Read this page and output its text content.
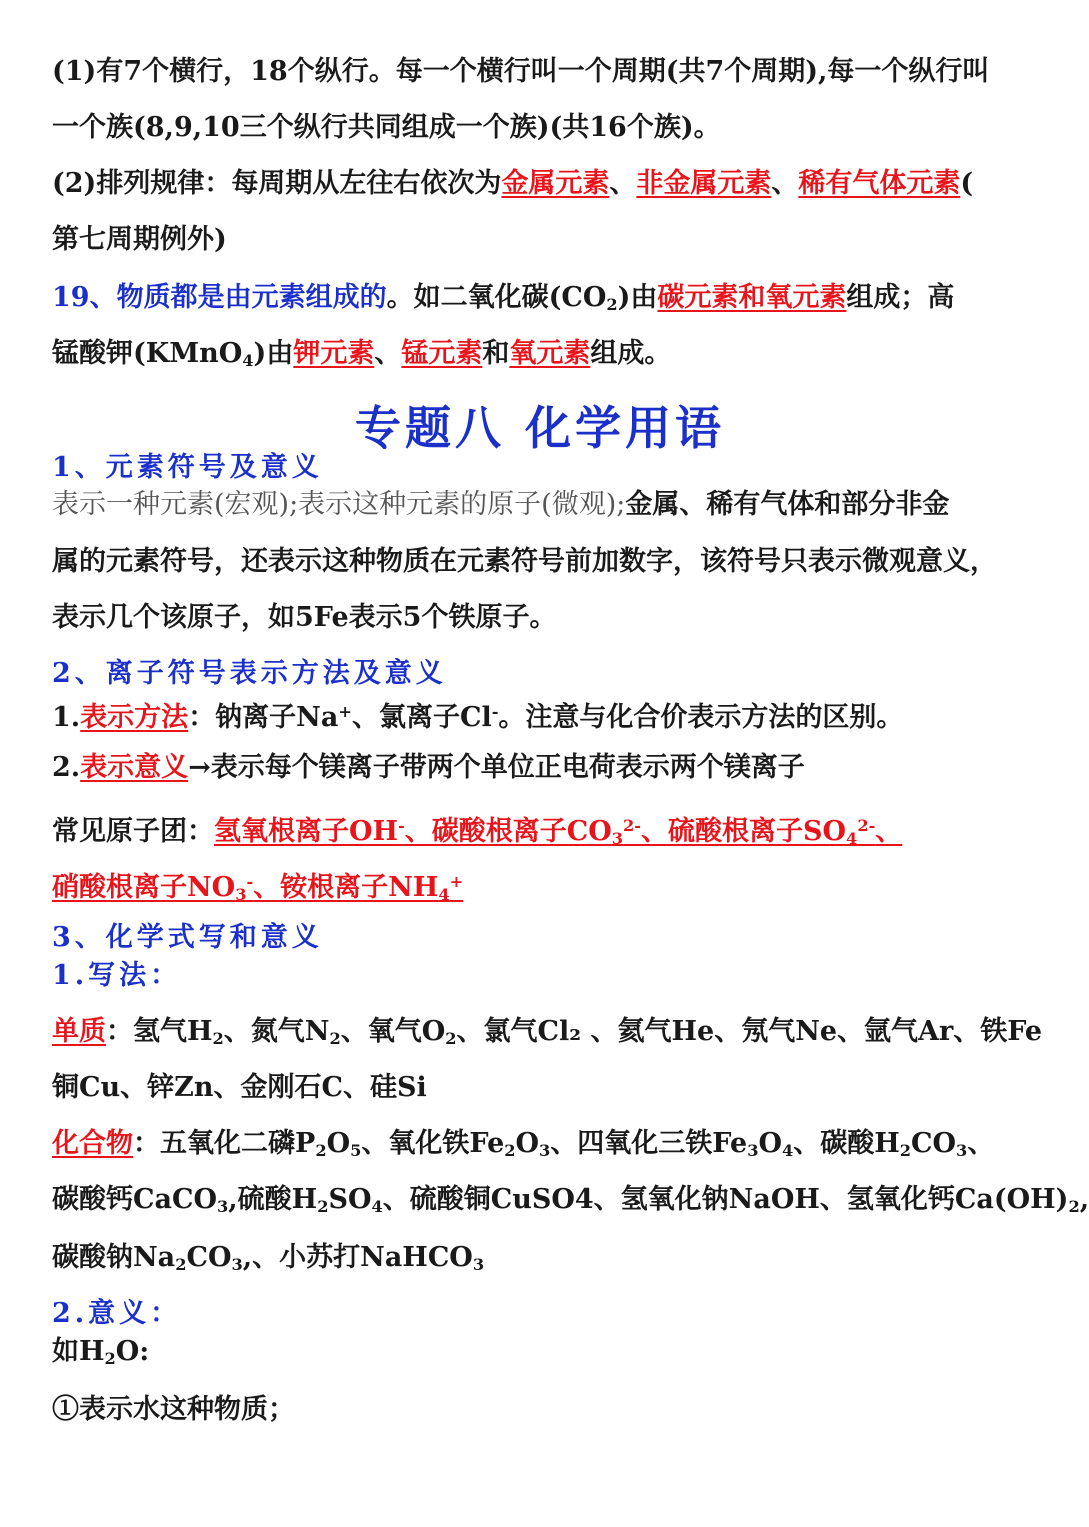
(1)有7个横行，18个纵行。每一个横行叫一个周期(共7个周期),每一个纵行叫
一个族(8,9,10三个纵行共同组成一个族)(共16个族)。
(2)排列规律：每周期从左往右依次为金属元素、非金属元素、稀有气体元素(
第七周期例外)
19、物质都是由元素组成的。如二氧化碳$(CO_2)$由碳元素和氧元素组成；高
锰酸钾(KMnO$_4$)由钾元素、锰元素和氧元素组成。
专题八 化学用语
1、元素符号及意义
表示一种元素(宏观);表示这种元素的原子(微观);金属、稀有气体和部分非金
属的元素符号，还表示这种物质在元素符号前加数字，该符号只表示微观意义，
表示几个该原子，如5Fe表示5个铁原子。
2、离子符号表示方法及意义
1.表示方法：钠离子Na+、氯离子Cl-。注意与化合价表示方法的区别。
2.表示意义→表示每个镁离子带两个单位正电荷表示两个镁离子
常见原子团：氢氧根离子OH-、碳酸根离子$CO_3^{2-}$、硫酸根离子$SO_4^{2-}$、
硝酸根离子$NO_3^-$、铵根离子$NH_4^+$
3、化学式写和意义
1.写法：
单质：氢气$H_2$、氮气$N_2$、氧气$O_2$、氯气Cl₂ 、氦气He、氖气Ne、氩气Ar、铁Fe
铜Cu、锌Zn、金刚石C、硅Si
化合物：五氧化二磷$P_2O_5$、氧化铁$Fe_2O_3$、四氧化三铁$Fe_3O_4$、碳酸$H_2CO_3$、
碳酸钙CaCO$_3$,硫酸$H_2SO_4$、硫酸铜CuSO4、氢氧化钠NaOH、氢氧化钙$Ca(OH)_2$,
碳酸钠$Na_2CO_3$,、小苏打NaHCO$_3$
2.意义：
如$H_2O$:
①表示水这种物质；
